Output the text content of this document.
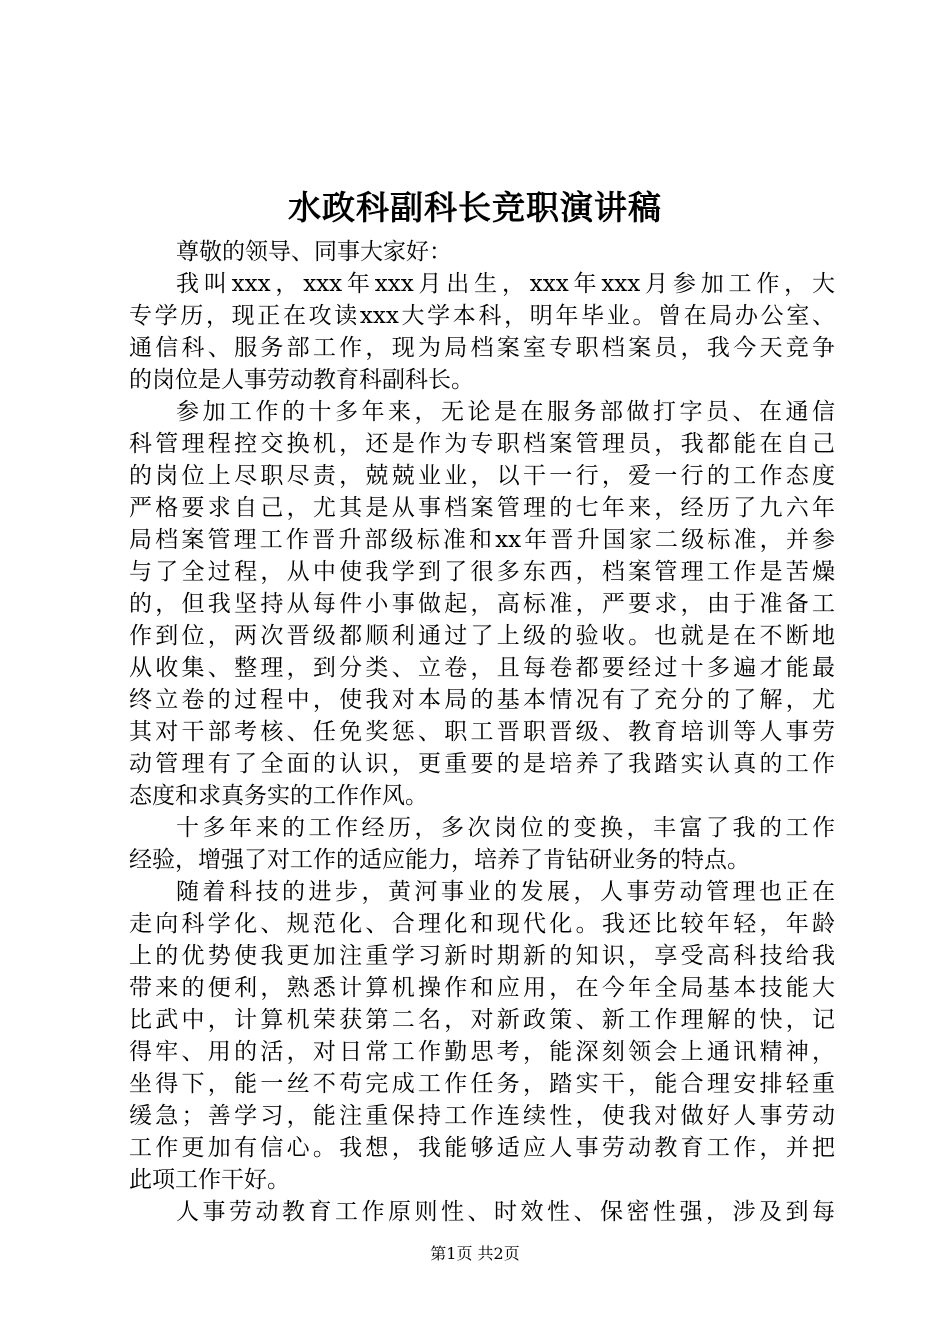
水政科副科长竞职演讲稿
尊敬的领导、同事大家好：
我叫xxx，xxx年xxx月出生，xxx年xxx月参加工作，大
专学历，现正在攻读xxx大学本科，明年毕业。曾在局办公室、
通信科、服务部工作，现为局档案室专职档案员，我今天竞争
的岗位是人事劳动教育科副科长。
参加工作的十多年来，无论是在服务部做打字员、在通信
科管理程控交换机，还是作为专职档案管理员，我都能在自己
的岗位上尽职尽责，兢兢业业，以干一行，爱一行的工作态度
严格要求自己，尤其是从事档案管理的七年来，经历了九六年
局档案管理工作晋升部级标准和xx年晋升国家二级标准，并参
与了全过程，从中使我学到了很多东西，档案管理工作是苦燥
的，但我坚持从每件小事做起，高标准，严要求，由于准备工
作到位，两次晋级都顺利通过了上级的验收。也就是在不断地
从收集、整理，到分类、立卷，且每卷都要经过十多遍才能最
终立卷的过程中，使我对本局的基本情况有了充分的了解，尤
其对干部考核、任免奖惩、职工晋职晋级、教育培训等人事劳
动管理有了全面的认识，更重要的是培养了我踏实认真的工作
态度和求真务实的工作作风。
十多年来的工作经历，多次岗位的变换，丰富了我的工作
经验，增强了对工作的适应能力，培养了肯钻研业务的特点。
随着科技的进步，黄河事业的发展，人事劳动管理也正在
走向科学化、规范化、合理化和现代化。我还比较年轻，年龄
上的优势使我更加注重学习新时期新的知识，享受高科技给我
带来的便利，熟悉计算机操作和应用，在今年全局基本技能大
比武中，计算机荣获第二名，对新政策、新工作理解的快，记
得牢、用的活，对日常工作勤思考，能深刻领会上通讯精神，
坐得下，能一丝不苟完成工作任务，踏实干，能合理安排轻重
缓急；善学习，能注重保持工作连续性，使我对做好人事劳动
工作更加有信心。我想，我能够适应人事劳动教育工作，并把
此项工作干好。
人事劳动教育工作原则性、时效性、保密性强，涉及到每
第1页 共2页
